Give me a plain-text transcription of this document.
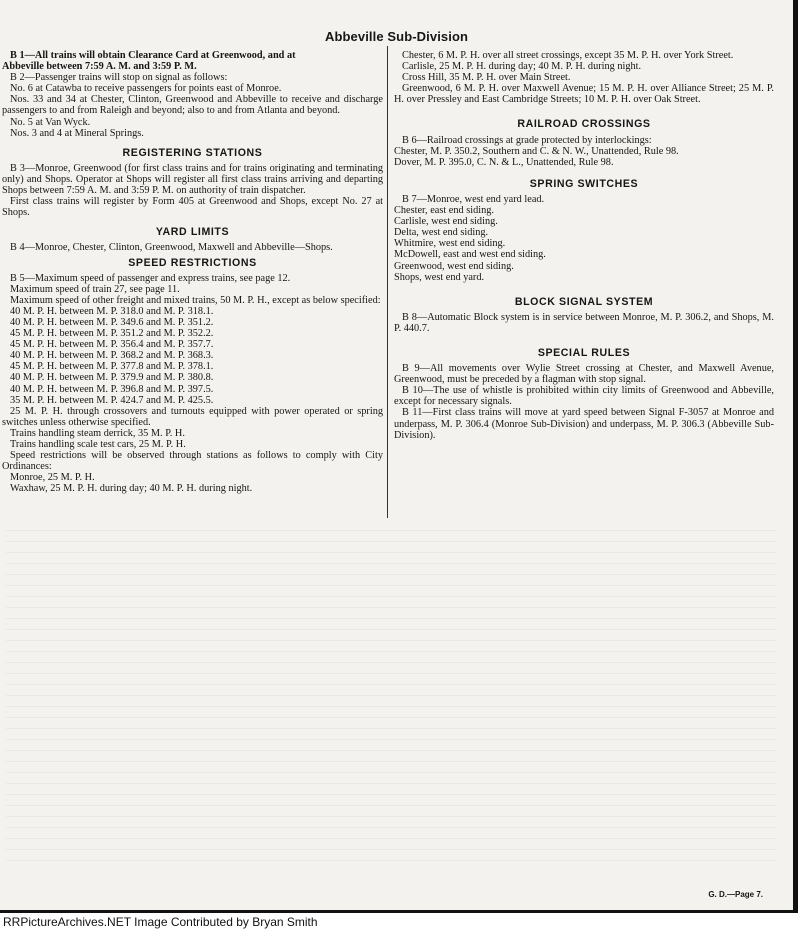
Abbeville Sub-Division

B 1—All trains will obtain Clearance Card at Greenwood, and at

Abbeville between 7:59 A. M. and 3:59 P. M.

B 2—Passenger trains will stop on signal as follows:

No. 6 at Catawba to receive passengers for points east of Monroe.

Nos. 33 and 34 at Chester, Clinton, Greenwood and Abbeville to receive and discharge passengers to and from Raleigh and beyond; also to and from Atlanta and beyond.

No. 5 at Van Wyck.

Nos. 3 and 4 at Mineral Springs.

REGISTERING STATIONS

B 3—Monroe, Greenwood (for first class trains and for trains originating and terminating only) and Shops. Operator at Shops will register all first class trains arriving and departing Shops between 7:59 A. M. and 3:59 P. M. on authority of train dispatcher.

First class trains will register by Form 405 at Greenwood and Shops, except No. 27 at Shops.

YARD LIMITS

B 4—Monroe, Chester, Clinton, Greenwood, Maxwell and Abbeville—Shops.

SPEED RESTRICTIONS

B 5—Maximum speed of passenger and express trains, see page 12.

Maximum speed of train 27, see page 11.

Maximum speed of other freight and mixed trains, 50 M. P. H., except as below specified:

40 M. P. H. between M. P. 318.0 and M. P. 318.1.

40 M. P. H. between M. P. 349.6 and M. P. 351.2.

45 M. P. H. between M. P. 351.2 and M. P. 352.2.

45 M. P. H. between M. P. 356.4 and M. P. 357.7.

40 M. P. H. between M. P. 368.2 and M. P. 368.3.

45 M. P. H. between M. P. 377.8 and M. P. 378.1.

40 M. P. H. between M. P. 379.9 and M. P. 380.8.

40 M. P. H. between M. P. 396.8 and M. P. 397.5.

35 M. P. H. between M. P. 424.7 and M. P. 425.5.

25 M. P. H. through crossovers and turnouts equipped with power operated or spring switches unless otherwise specified.

Trains handling steam derrick, 35 M. P. H.

Trains handling scale test cars, 25 M. P. H.

Speed restrictions will be observed through stations as follows to comply with City Ordinances:

Monroe, 25 M. P. H.

Waxhaw, 25 M. P. H. during day; 40 M. P. H. during night.

Chester, 6 M. P. H. over all street crossings, except 35 M. P. H. over York Street.

Carlisle, 25 M. P. H. during day; 40 M. P. H. during night.

Cross Hill, 35 M. P. H. over Main Street.

Greenwood, 6 M. P. H. over Maxwell Avenue; 15 M. P. H. over Alliance Street; 25 M. P. H. over Pressley and East Cambridge Streets; 10 M. P. H. over Oak Street.

RAILROAD CROSSINGS

B 6—Railroad crossings at grade protected by interlockings:

Chester, M. P. 350.2, Southern and C. & N. W., Unattended, Rule 98.

Dover, M. P. 395.0, C. N. & L., Unattended, Rule 98.

SPRING SWITCHES

B 7—Monroe, west end yard lead.

Chester, east end siding.

Carlisle, west end siding.

Delta, west end siding.

Whitmire, west end siding.

McDowell, east and west end siding.

Greenwood, west end siding.

Shops, west end yard.

BLOCK SIGNAL SYSTEM

B 8—Automatic Block system is in service between Monroe, M. P. 306.2, and Shops, M. P. 440.7.

SPECIAL RULES

B 9—All movements over Wylie Street crossing at Chester, and Maxwell Avenue, Greenwood, must be preceded by a flagman with stop signal.

B 10—The use of whistle is prohibited within city limits of Greenwood and Abbeville, except for necessary signals.

B 11—First class trains will move at yard speed between Signal F-3057 at Monroe and underpass, M. P. 306.4 (Monroe Sub-Division) and underpass, M. P. 306.3 (Abbeville Sub-Division).

G. D.—Page 7.
RRPictureArchives.NET Image Contributed by Bryan Smith
